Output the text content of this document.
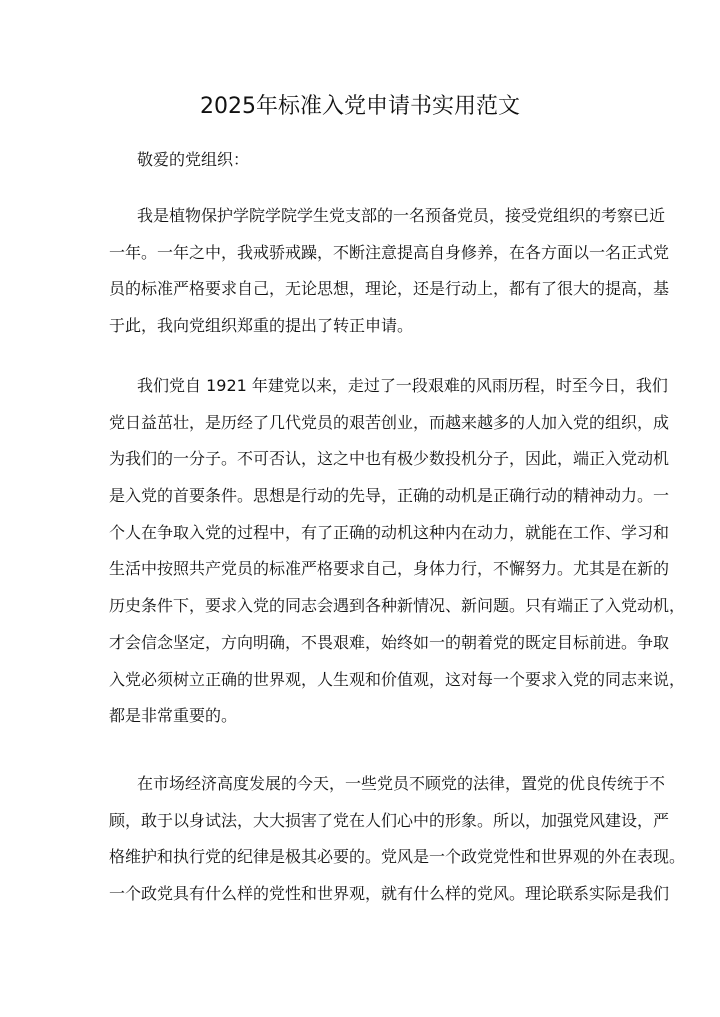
2025年标准入党申请书实用范文
敬爱的党组织：
我是植物保护学院学院学生党支部的一名预备党员，接受党组织的考察已近
一年。一年之中，我戒骄戒躁，不断注意提高自身修养，在各方面以一名正式党
员的标准严格要求自己，无论思想，理论，还是行动上，都有了很大的提高，基
于此，我向党组织郑重的提出了转正申请。
我们党自 1921 年建党以来，走过了一段艰难的风雨历程，时至今日，我们
党日益茁壮，是历经了几代党员的艰苦创业，而越来越多的人加入党的组织，成
为我们的一分子。不可否认，这之中也有极少数投机分子，因此，端正入党动机
是入党的首要条件。思想是行动的先导，正确的动机是正确行动的精神动力。一
个人在争取入党的过程中，有了正确的动机这种内在动力，就能在工作、学习和
生活中按照共产党员的标准严格要求自己，身体力行，不懈努力。尤其是在新的
历史条件下，要求入党的同志会遇到各种新情况、新问题。只有端正了入党动机，
才会信念坚定，方向明确，不畏艰难，始终如一的朝着党的既定目标前进。争取
入党必须树立正确的世界观，人生观和价值观，这对每一个要求入党的同志来说，
都是非常重要的。
在市场经济高度发展的今天，一些党员不顾党的法律，置党的优良传统于不
顾，敢于以身试法，大大损害了党在人们心中的形象。所以，加强党风建设，严
格维护和执行党的纪律是极其必要的。党风是一个政党党性和世界观的外在表现。
一个政党具有什么样的党性和世界观，就有什么样的党风。理论联系实际是我们
